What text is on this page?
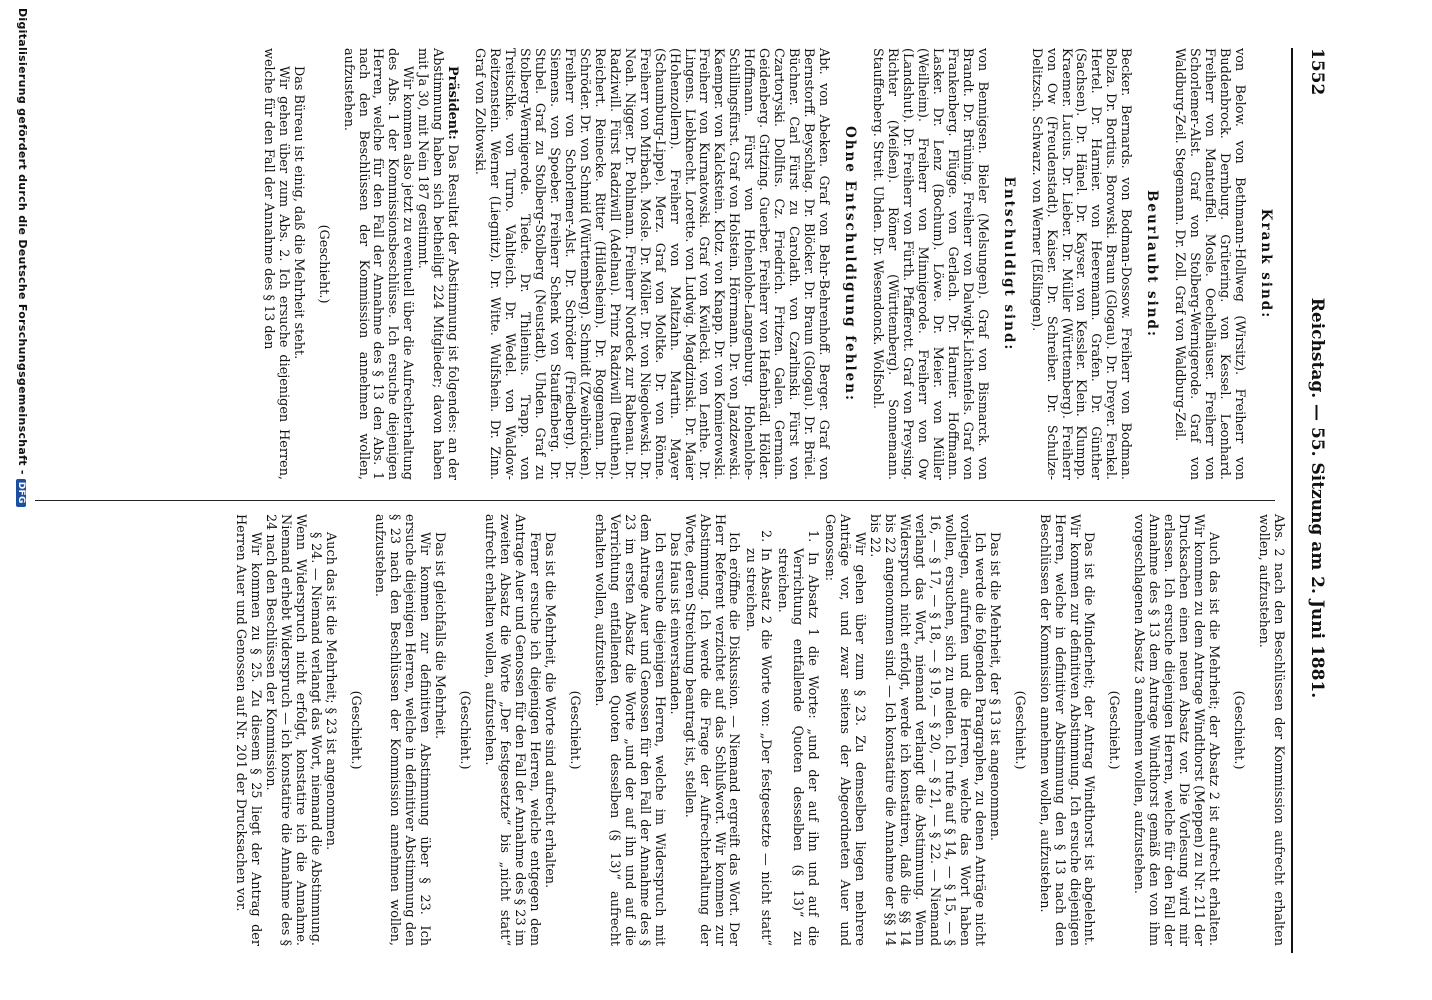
1552
Reichstag. — 55. Sitzung am 2. Juni 1881.

Krank sind:

von Below. von Bethmann-Hollweg (Wirsitz). Freiherr von Buddenbrock. Dernburg. Grütering. von Kessel. Leonhard. Freiherr von Manteuffel. Mosle. Oechelhäuser. Freiherr von Schorlemer-Alst. Graf von Stolberg-Wernigerode. Graf von Waldburg-Zeil. Stegemann. Dr. Zoll. Graf von Waldburg-Zeil.

Beurlaubt sind:

Becker. Bernards. von Bodman-Dossow. Freiherr von Bodman. Bolza. Dr. Bortius. Borowski. Braun (Glogau). Dr. Dreyer. Fenkel. Hertel. Dr. Harnier. von Heeremann. Grafen. Dr. Günther (Sachsen). Dr. Hänel. Dr. Kayser. von Kessler. Klein. Klumpp. Kraemer. Lucius. Dr. Lieber. Dr. Müller (Württemberg). Freiherr von Ow (Freudenstadt). Kaiser. Dr. Schreiber. Dr. Schulze-Delitzsch. Schwarz. von Werner (Eßlingen).

Entschuldigt sind:

von Bennigsen. Bieler (Melsungen). Graf von Bismarck. von Brandt. Dr. Brüning. Freiherr von Dalwigk-Lichtenfels. Graf von Frankenberg. Flügge. von Gerlach. Dr. Harnier. Hoffmann. Lasker. Dr. Lenz (Bochum). Löwe. Dr. Meier. von Müller (Weilheim). Freiherr von Minnigerode. Freiherr von Ow (Landshut). Dr. Freiherr von Fürth. Pfafferott. Graf von Preysing. Richter (Meißen). Römer (Württemberg). Sonnemann. Stauffenberg. Streit. Uhden. Dr. Wesendonck. Wolfsohl.

Ohne Entschuldigung fehlen:

Abt. von Abeken. Graf von Behr-Behrenhoff. Berger. Graf von Bernstorff. Beyschlag. Dr. Blöcker. Dr. Braun (Glogau). Dr. Brüel. Büchner. Carl Fürst zu Carolath. von Czarlinski. Fürst von Czartoryski. Dollfus. Cz. Friedrich. Fritzen. Galen. Germain. Geidenberg. Gritzing. Guerber. Freiherr von Hafenbrädl. Hölder. Hoffmann. Fürst von Hohenlohe-Langenburg. Hohenlohe-Schillingsfürst. Graf von Holstein. Hörrmann. Dr. von Jazdzewski. Kaemper. von Kalckstein. Klotz. von Knapp. Dr. von Komierowski. Freiherr von Kurnatowski. Graf von Kwilecki. von Lenthe. Dr. Lingens. Liebknecht. Lorette. von Ludwig. Magdzinski. Dr. Maier (Hohenzollern). Freiherr von Maltzahn. Martin. Mayer (Schaumburg-Lippe). Merz. Graf von Moltke. Dr. von Rönne. Freiherr von Mirbach. Mosle. Dr. Möller. Dr. von Niegolewski. Dr. Noah. Nigger. Dr. Pohlmann. Freiherr Nordeck zur Rabenau. Dr. Radziwill. Fürst Radziwill (Adelnau). Prinz Radziwill (Beuthen). Reichert. Reinecke. Ritter (Hildesheim). Dr. Roggemann. Dr. Schröder. Dr. von Schmid (Württemberg). Schmidt (Zweibrücken). Freiherr von Schorlemer-Alst. Dr. Schröder (Friedberg). Dr. Siemens. von Spoeber. Freiherr Schenk von Stauffenberg. Dr. Stubel. Graf zu Stolberg-Stolberg (Neustadt). Uhden. Graf zu Stolberg-Wernigerode. Tiede. Dr. Thilenius. Trapp. von Treitschke. von Turno. Vahlteich. Dr. Wedel. von Waldow-Reitzenstein. Werner (Liegnitz). Dr. Witte. Wulfshein. Dr. Zinn. Graf von Zoltowski.

Präsident: Das Resultat der Abstimmung ist folgendes: an der Abstimmung haben sich betheiligt 224 Mitglieder; davon haben mit Ja 30, mit Nein 187 gestimmt.

Wir kommen also jetzt zu eventuell über die Aufrechterhaltung des Abs. 1 der Kommissionsbeschlüsse. Ich ersuche diejenigen Herren, welche für den Fall der Annahme des § 13 den Abs. 1 nach den Beschlüssen der Kommission annehmen wollen, aufzustehen.

(Geschieht.)

Das Büreau ist einig, daß die Mehrheit steht.

Wir gehen über zum Abs. 2. Ich ersuche diejenigen Herren, welche für den Fall der Annahme des § 13 den

Abs. 2 nach den Beschlüssen der Kommission aufrecht erhalten wollen, aufzustehen.

(Geschieht.)

Auch das ist die Mehrheit; der Absatz 2 ist aufrecht erhalten. Wir kommen zu dem Antrage Windthorst (Meppen) zu Nr. 211 der Drucksachen einen neuen Absatz vor. Die Vorlesung wird mir erlassen. Ich ersuche diejenigen Herren, welche für den Fall der Annahme des § 13 dem Antrage Windthorst gemäß den von ihm vorgeschlagenen Absatz 3 annehmen wollen, aufzustehen.

(Geschieht.)

Das ist die Minderheit; der Antrag Windthorst ist abgelehnt. Wir kommen zur definitiven Abstimmung. Ich ersuche diejenigen Herren, welche in definitiver Abstimmung den § 13 nach den Beschlüssen der Kommission annehmen wollen, aufzustehen.

(Geschieht.)

Das ist die Mehrheit, der § 13 ist angenommen.

Ich werde die folgenden Paragraphen, zu denen Anträge nicht vorliegen, aufrufen und die Herren, welche das Wort haben wollen, ersuchen, sich zu melden. Ich rufe auf § 14, — § 15, — § 16, — § 17, — § 18, — § 19, — § 20, — § 21, — § 22. — Niemand verlangt das Wort, niemand verlangt die Abstimmung. Wenn Widerspruch nicht erfolgt, werde ich konstatiren, daß die §§ 14 bis 22 angenommen sind. — Ich konstatire die Annahme der §§ 14 bis 22.

Wir gehen über zum § 23. Zu demselben liegen mehrere Anträge vor, und zwar seitens der Abgeordneten Auer und Genossen:

1. In Absatz 1 die Worte: „und der auf ihn und auf die Verrichtung entfallende Quoten desselben (§ 13)“ zu streichen.

2. In Absatz 2 die Worte von: „Der festgesetzte — nicht statt“ zu streichen.

Ich eröffne die Diskussion. — Niemand ergreift das Wort. Der Herr Referent verzichtet auf das Schlußwort. Wir kommen zur Abstimmung. Ich werde die Frage der Aufrechterhaltung der Worte, deren Streichung beantragt ist, stellen.

Das Haus ist einverstanden.

Ich ersuche diejenigen Herren, welche im Widerspruch mit dem Antrage Auer und Genossen für den Fall der Annahme des § 23 im ersten Absatz die Worte „und der auf ihn und auf die Verrichtung entfallenden Quoten desselben (§ 13)“ aufrecht erhalten wollen, aufzustehen.

(Geschieht.)

Das ist die Mehrheit, die Worte sind aufrecht erhalten.

Ferner ersuche ich diejenigen Herren, welche entgegen dem Antrage Auer und Genossen für den Fall der Annahme des § 23 im zweiten Absatz die Worte „Der festgesetzte“ bis „nicht statt“ aufrecht erhalten wollen, aufzustehen.

(Geschieht.)

Das ist gleichfalls die Mehrheit.

Wir kommen zur definitiven Abstimmung über § 23. Ich ersuche diejenigen Herren, welche in definitiver Abstimmung den § 23 nach den Beschlüssen der Kommission annehmen wollen, aufzustehen.

(Geschieht.)

Auch das ist die Mehrheit; § 23 ist angenommen.

§ 24. — Niemand verlangt das Wort, niemand die Abstimmung. Wenn Widerspruch nicht erfolgt, konstatire ich die Annahme. Niemand erhebt Widerspruch — ich konstatire die Annahme des § 24 nach den Beschlüssen der Kommission.

Wir kommen zu § 25. Zu diesem § 25 liegt der Antrag der Herren Auer und Genossen auf Nr. 201 der Drucksachen vor.

Digitalisierung gefördert durch die Deutsche Forschungsgemeinschaft -DFG
